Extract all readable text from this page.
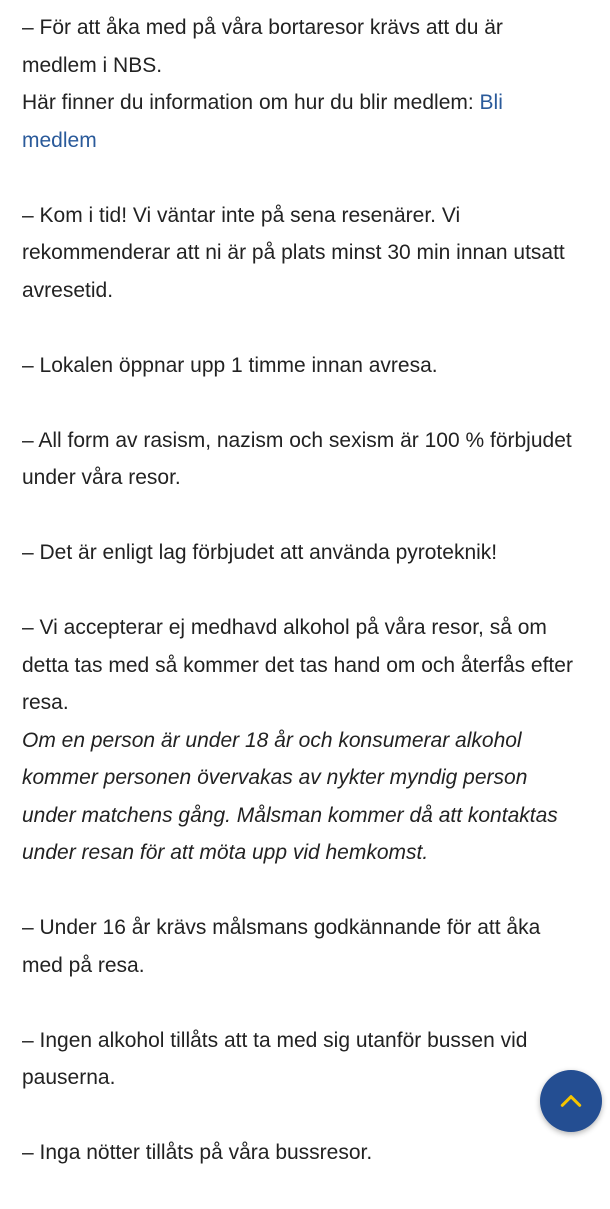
– För att åka med på våra bortaresor krävs att du är medlem i NBS.

Här finner du information om hur du blir medlem: Bli medlem

– Kom i tid! Vi väntar inte på sena resenärer. Vi rekommenderar att ni är på plats minst 30 min innan utsatt avresetid.

– Lokalen öppnar upp 1 timme innan avresa.

– All form av rasism, nazism och sexism är 100 % förbjudet under våra resor.

– Det är enligt lag förbjudet att använda pyroteknik!

– Vi accepterar ej medhavd alkohol på våra resor, så om detta tas med så kommer det tas hand om och återfås efter resa.

Om en person är under 18 år och konsumerar alkohol kommer personen övervakas av nykter myndig person under matchens gång. Målsman kommer då att kontaktas under resan för att möta upp vid hemkomst.

– Under 16 år krävs målsmans godkännande för att åka med på resa.

– Ingen alkohol tillåts att ta med sig utanför bussen vid pauserna.

– Inga nötter tillåts på våra bussresor.
